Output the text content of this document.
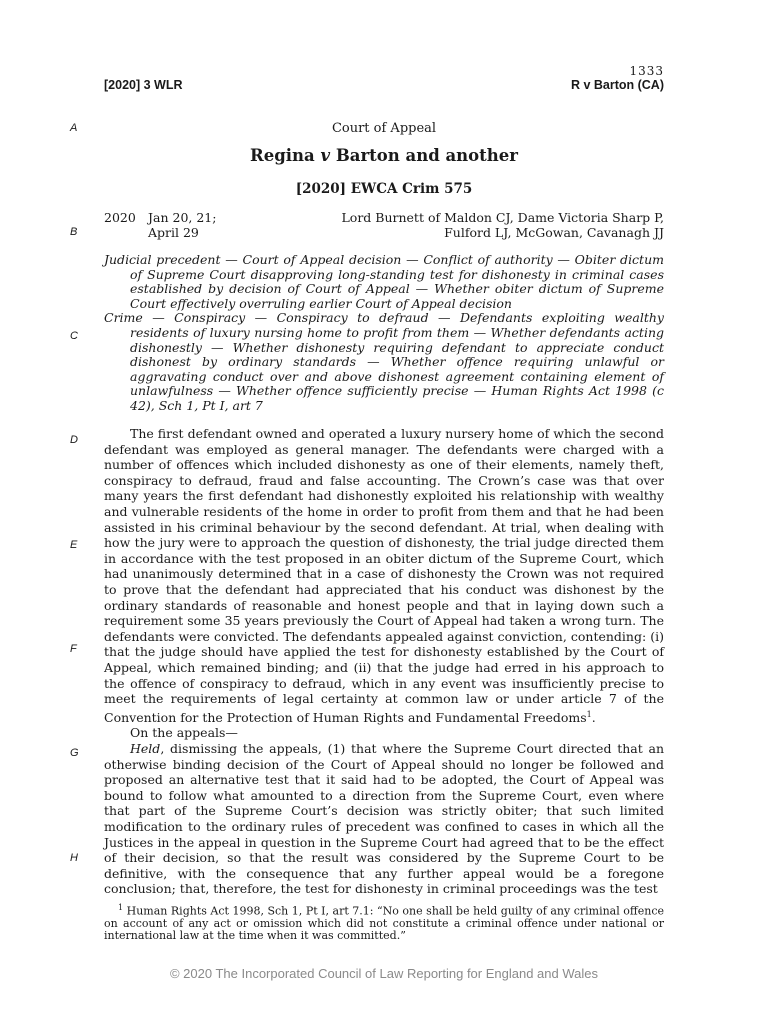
1333
[2020] 3 WLR	R v Barton (CA)
A
B
C
D
E
F
G
H
Court of Appeal
Regina v Barton and another
[2020] EWCA Crim 575
2020 Jan 20, 21;
April 29
Lord Burnett of Maldon CJ, Dame Victoria Sharp P,
Fulford LJ, McGowan, Cavanagh JJ

Judicial precedent — Court of Appeal decision — Conflict of authority — Obiter dictum of Supreme Court disapproving long-standing test for dishonesty in criminal cases established by decision of Court of Appeal — Whether obiter dictum of Supreme Court effectively overruling earlier Court of Appeal decision

Crime — Conspiracy — Conspiracy to defraud — Defendants exploiting wealthy residents of luxury nursing home to profit from them — Whether defendants acting dishonestly — Whether dishonesty requiring defendant to appreciate conduct dishonest by ordinary standards — Whether offence requiring unlawful or aggravating conduct over and above dishonest agreement containing element of unlawfulness — Whether offence sufficiently precise — Human Rights Act 1998 (c 42), Sch 1, Pt I, art 7

The first defendant owned and operated a luxury nursery home of which the second defendant was employed as general manager. The defendants were charged with a number of offences which included dishonesty as one of their elements, namely theft, conspiracy to defraud, fraud and false accounting. The Crown’s case was that over many years the first defendant had dishonestly exploited his relationship with wealthy and vulnerable residents of the home in order to profit from them and that he had been assisted in his criminal behaviour by the second defendant. At trial, when dealing with how the jury were to approach the question of dishonesty, the trial judge directed them in accordance with the test proposed in an obiter dictum of the Supreme Court, which had unanimously determined that in a case of dishonesty the Crown was not required to prove that the defendant had appreciated that his conduct was dishonest by the ordinary standards of reasonable and honest people and that in laying down such a requirement some 35 years previously the Court of Appeal had taken a wrong turn. The defendants were convicted. The defendants appealed against conviction, contending: (i) that the judge should have applied the test for dishonesty established by the Court of Appeal, which remained binding; and (ii) that the judge had erred in his approach to the offence of conspiracy to defraud, which in any event was insufficiently precise to meet the requirements of legal certainty at common law or under article 7 of the Convention for the Protection of Human Rights and Fundamental Freedoms$^1$.

On the appeals—

Held, dismissing the appeals, (1) that where the Supreme Court directed that an otherwise binding decision of the Court of Appeal should no longer be followed and proposed an alternative test that it said had to be adopted, the Court of Appeal was bound to follow what amounted to a direction from the Supreme Court, even where that part of the Supreme Court’s decision was strictly obiter; that such limited modification to the ordinary rules of precedent was confined to cases in which all the Justices in the appeal in question in the Supreme Court had agreed that to be the effect of their decision, so that the result was considered by the Supreme Court to be definitive, with the consequence that any further appeal would be a foregone conclusion; that, therefore, the test for dishonesty in criminal proceedings was the test

$^1$ Human Rights Act 1998, Sch 1, Pt I, art 7.1: “No one shall be held guilty of any criminal offence on account of any act or omission which did not constitute a criminal offence under national or international law at the time when it was committed.”
© 2020 The Incorporated Council of Law Reporting for England and Wales
